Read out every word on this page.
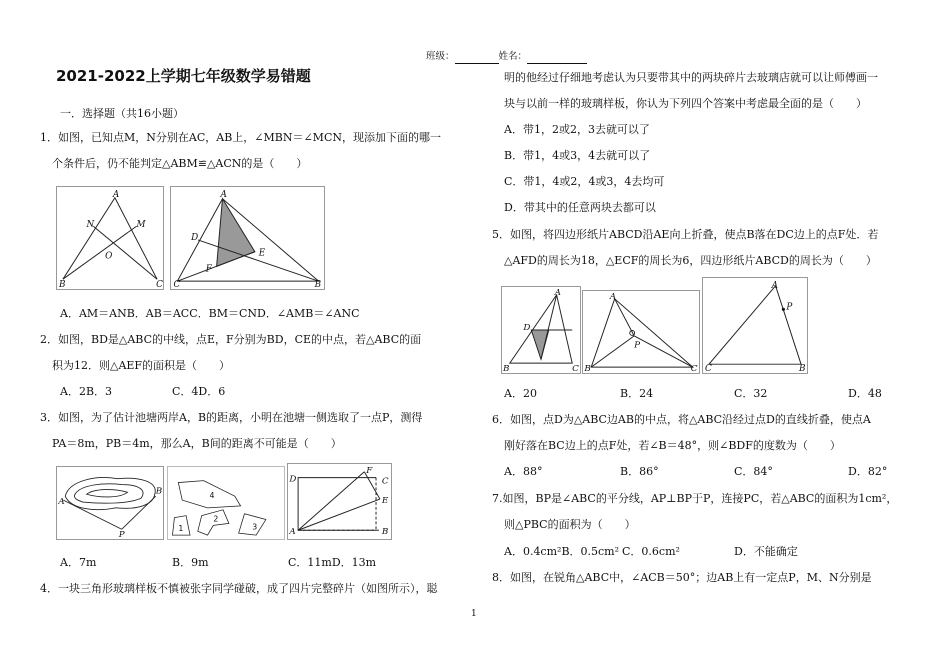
班级：	姓名：
2021-2022上学期七年级数学易错题
一．选择题（共16小题）
1．如图，已知点M，N分别在AC，AB上，∠MBN＝∠MCN，现添加下面的哪一
个条件后，仍不能判定△ABM≌△ACN的是（　　）
A
N	M
O
B	C
A
D
E
F
C	B
A．AM＝ANB．AB＝ACC．BM＝CND．∠AMB＝∠ANC
2．如图，BD是△ABC的中线，点E，F分别为BD，CE的中点，若△ABC的面
积为12．则△AEF的面积是（　　）
A．2B．3	C．4D．6
3．如图，为了估计池塘两岸A，B的距离，小明在池塘一侧选取了一点P，测得
PA＝8m，PB＝4m，那么A，B间的距离不可能是（　　）
A
B
P
4
1
2
3
D
F
C
E
A	B
A．7m	B．9m	C．11mD．13m
4．一块三角形玻璃样板不慎被张字同学碰破，成了四片完整碎片（如图所示），聪
明的他经过仔细地考虑认为只要带其中的两块碎片去玻璃店就可以让师傅画一
块与以前一样的玻璃样板，你认为下列四个答案中考虑最全面的是（　　）
A．带1，2或2，3去就可以了
B．带1，4或3，4去就可以了
C．带1，4或2，4或3，4去均可
D．带其中的任意两块去都可以
5．如图，将四边形纸片ABCD沿AE向上折叠，使点B落在DC边上的点F处．若
△AFD的周长为18，△ECF的周长为6，四边形纸片ABCD的周长为（　　）
A
D
B	C
A
P
B	C
A
P
C	B
A．20	B．24	C．32	D．48
6．如图，点D为△ABC边AB的中点，将△ABC沿经过点D的直线折叠，使点A
刚好落在BC边上的点F处，若∠B＝48°，则∠BDF的度数为（　　）
A．88°	B．86°	C．84°	D．82°
7.如图，BP是∠ABC的平分线，AP⊥BP于P，连接PC，若△ABC的面积为1cm²，
则△PBC的面积为（　　）
A．0.4cm²B．0.5cm² C．0.6cm²	D．不能确定
8．如图，在锐角△ABC中，∠ACB＝50°；边AB上有一定点P，M、N分别是
1
